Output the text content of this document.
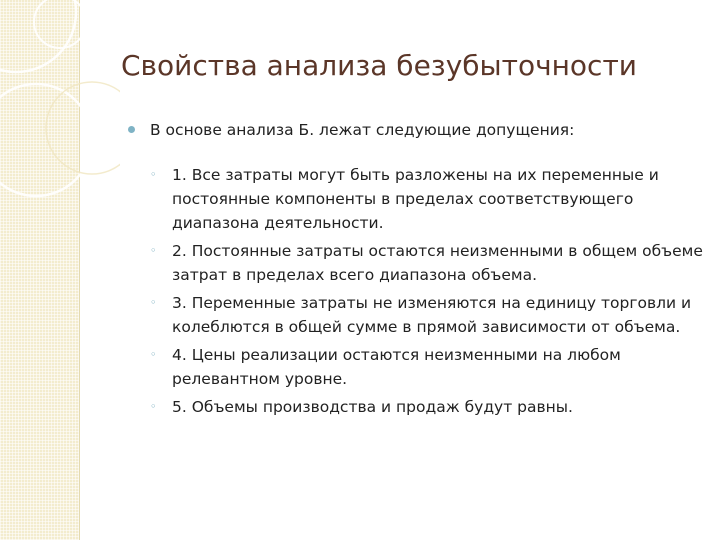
Свойства анализа безубыточности
В основе анализа Б. лежат следующие допущения:
◦ 1. Все затраты могут быть разложены на их переменные и постоянные компоненты в пределах соответствующего диапазона деятельности.
◦ 2. Постоянные затраты остаются неизменными в общем объеме затрат в пределах всего диапазона объема.
◦ 3. Переменные затраты не изменяются на единицу торговли и колеблются в общей сумме в прямой зависимости от объема.
◦ 4. Цены реализации остаются неизменными на любом релевантном уровне.
◦ 5. Объемы производства и продаж будут равны.
